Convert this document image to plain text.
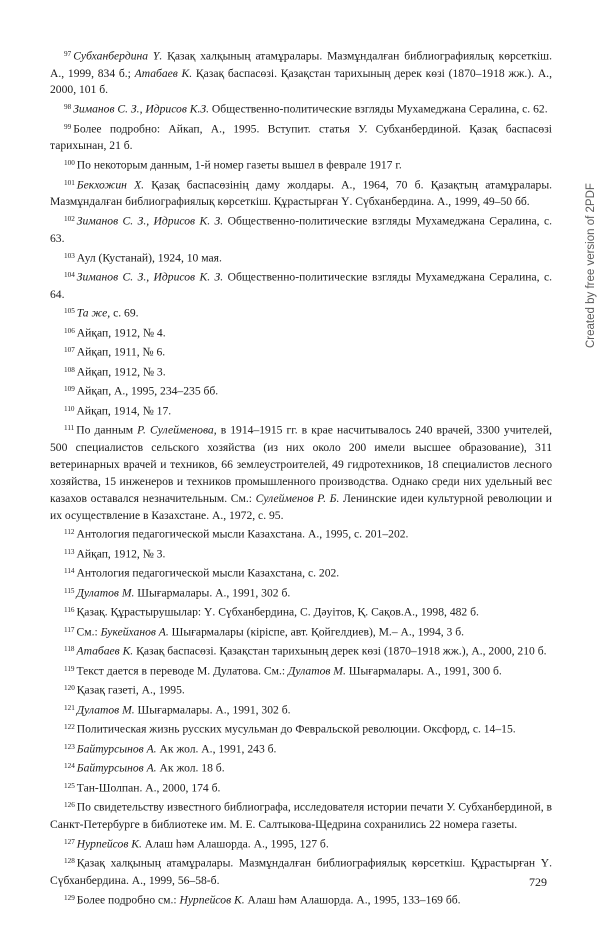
$^{97}$ Субханбердина Ү. Қазақ халқының атамұралары. Мазмұндалған библиографиялық көрсеткіш. А., 1999, 834 б.; Атабаев К. Қазақ баспасөзі. Қазақстан тарихының дерек көзі (1870–1918 жж.). А., 2000, 101 б.

$^{98}$ Зиманов С. З., Идрисов К.З. Общественно-политические взгляды Мухамеджана Сералина, с. 62.

$^{99}$ Более подробно: Айкап, А., 1995. Вступит. статья У. Субханбердиной. Қазақ баспасөзі тарихынан, 21 б.

$^{100}$ По некоторым данным, 1-й номер газеты вышел в феврале 1917 г.

$^{101}$ Бекхожин Х. Қазақ баспасөзінің даму жолдары. А., 1964, 70 б. Қазақтың атамұралары. Мазмұндалған библиографиялық көрсеткіш. Құрастырған Ү. Сүбханбердина. А., 1999, 49–50 бб.

$^{102}$ Зиманов С. З., Идрисов К. З. Общественно-политические взгляды Мухамеджана Сералина, с. 63.

$^{103}$ Аул (Кустанай), 1924, 10 мая.

$^{104}$ Зиманов С. З., Идрисов К. З. Общественно-политические взгляды Мухамеджана Сералина, с. 64.

$^{105}$ Та же, с. 69.

$^{106}$ Айқап, 1912, № 4.

$^{107}$ Айқап, 1911, № 6.

$^{108}$ Айқап, 1912, № 3.

$^{109}$ Айқап, А., 1995, 234–235 бб.

$^{110}$ Айқап, 1914, № 17.

$^{111}$ По данным Р. Сулейменова, в 1914–1915 гг. в крае насчитывалось 240 врачей, 3300 учителей, 500 специалистов сельского хозяйства (из них около 200 имели высшее образование), 311 ветеринарных врачей и техников, 66 землеустроителей, 49 гидротехников, 18 специалистов лесного хозяйства, 15 инженеров и техников промышленного производства. Однако среди них удельный вес казахов оставался незначительным. См.: Сулейменов Р. Б. Ленинские идеи культурной революции и их осуществление в Казахстане. А., 1972, с. 95.

$^{112}$ Антология педагогической мысли Казахстана. А., 1995, с. 201–202.

$^{113}$ Айқап, 1912, № 3.

$^{114}$ Антология педагогической мысли Казахстана, с. 202.

$^{115}$ Дулатов М. Шығармалары. А., 1991, 302 б.

$^{116}$ Қазақ. Құрастырушылар: Ү. Сүбханбердина, С. Дәуітов, Қ. Сақов.А., 1998, 482 б.

$^{117}$ См.: Букейханов А. Шығармалары (кіріспе, авт. Қойгелдиев), М.– А., 1994, 3 б.

$^{118}$ Атабаев К. Қазақ баспасөзі. Қазақстан тарихының дерек көзі (1870–1918 жж.), А., 2000, 210 б.

$^{119}$ Текст дается в переводе М. Дулатова. См.: Дулатов М. Шығармалары. А., 1991, 300 б.

$^{120}$ Қазақ газеті, А., 1995.

$^{121}$ Дулатов М. Шығармалары. А., 1991, 302 б.

$^{122}$ Политическая жизнь русских мусульман до Февральской революции. Оксфорд, с. 14–15.

$^{123}$ Байтурсынов А. Ак жол. А., 1991, 243 б.

$^{124}$ Байтурсынов А. Ак жол. 18 б.

$^{125}$ Тан-Шолпан. А., 2000, 174 б.

$^{126}$ По свидетельству известного библиографа, исследователя истории печати У. Субханбердиной, в Санкт-Петербурге в библиотеке им. М. Е. Салтыкова-Щедрина сохранились 22 номера газеты.

$^{127}$ Нурпейсов К. Алаш һәм Алашорда. А., 1995, 127 б.

$^{128}$ Қазақ халқының атамұралары. Мазмұндалған библиографиялық көрсеткіш. Құрастырған Ү. Сүбханбердина. А., 1999, 56–58-б.

$^{129}$ Более подробно см.: Нурпейсов К. Алаш һәм Алашорда. А., 1995, 133–169 бб.

729
Created by free version of 2PDF
